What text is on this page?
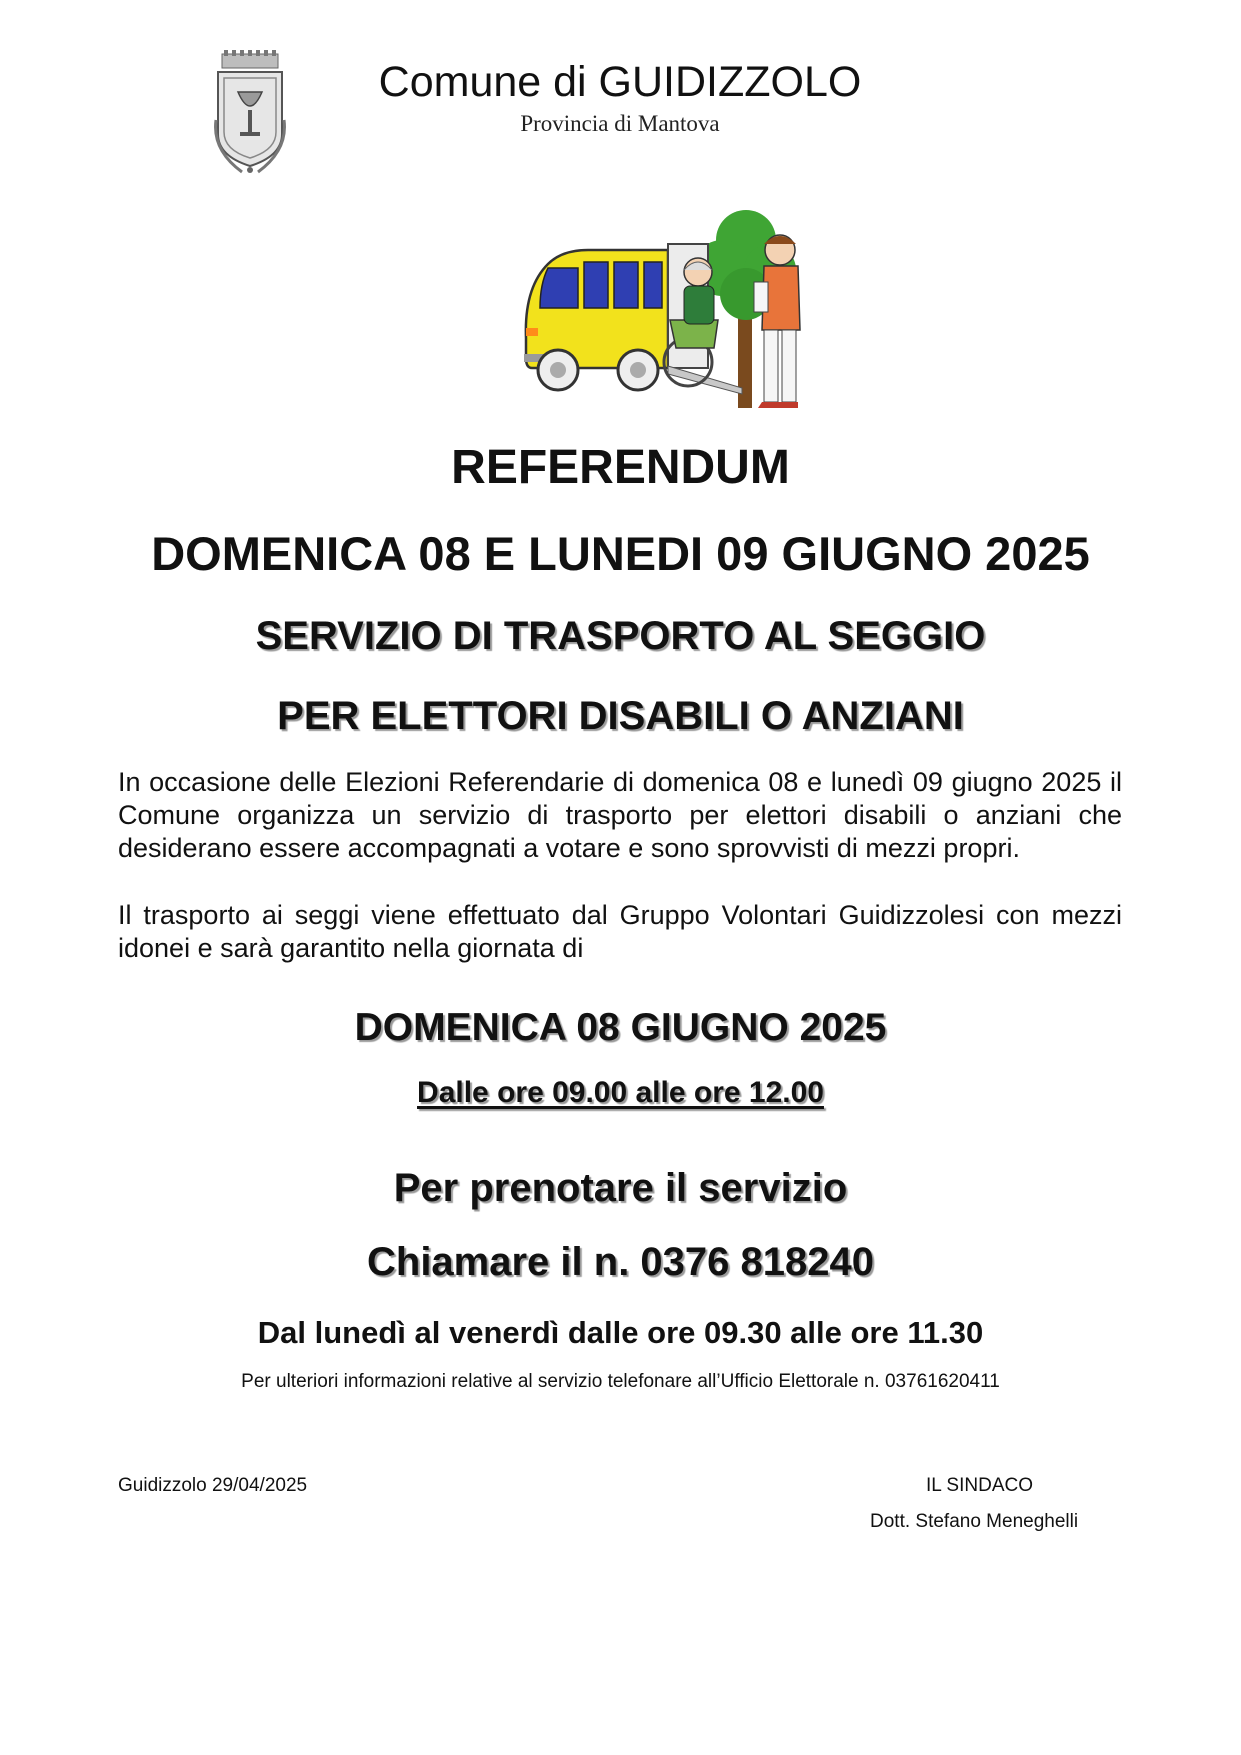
Comune di GUIDIZZOLO
Provincia di Mantova
REFERENDUM
DOMENICA 08 E LUNEDI 09 GIUGNO 2025
SERVIZIO DI TRASPORTO AL SEGGIO
PER ELETTORI DISABILI O ANZIANI
In occasione delle Elezioni Referendarie di domenica 08 e lunedì 09 giugno 2025 il Comune organizza un servizio di trasporto per elettori disabili o anziani che desiderano essere accompagnati a votare e sono sprovvisti di mezzi propri.
Il trasporto ai seggi viene effettuato dal Gruppo Volontari Guidizzolesi con mezzi idonei e sarà garantito nella giornata di
DOMENICA 08 GIUGNO 2025
Dalle ore 09.00 alle ore 12.00
Per prenotare il servizio
Chiamare il n. 0376 818240
Dal lunedì al venerdì dalle ore 09.30 alle ore 11.30
Per ulteriori informazioni relative al servizio telefonare all’Ufficio Elettorale n. 03761620411
Guidizzolo 29/04/2025	IL SINDACO
Dott. Stefano Meneghelli
